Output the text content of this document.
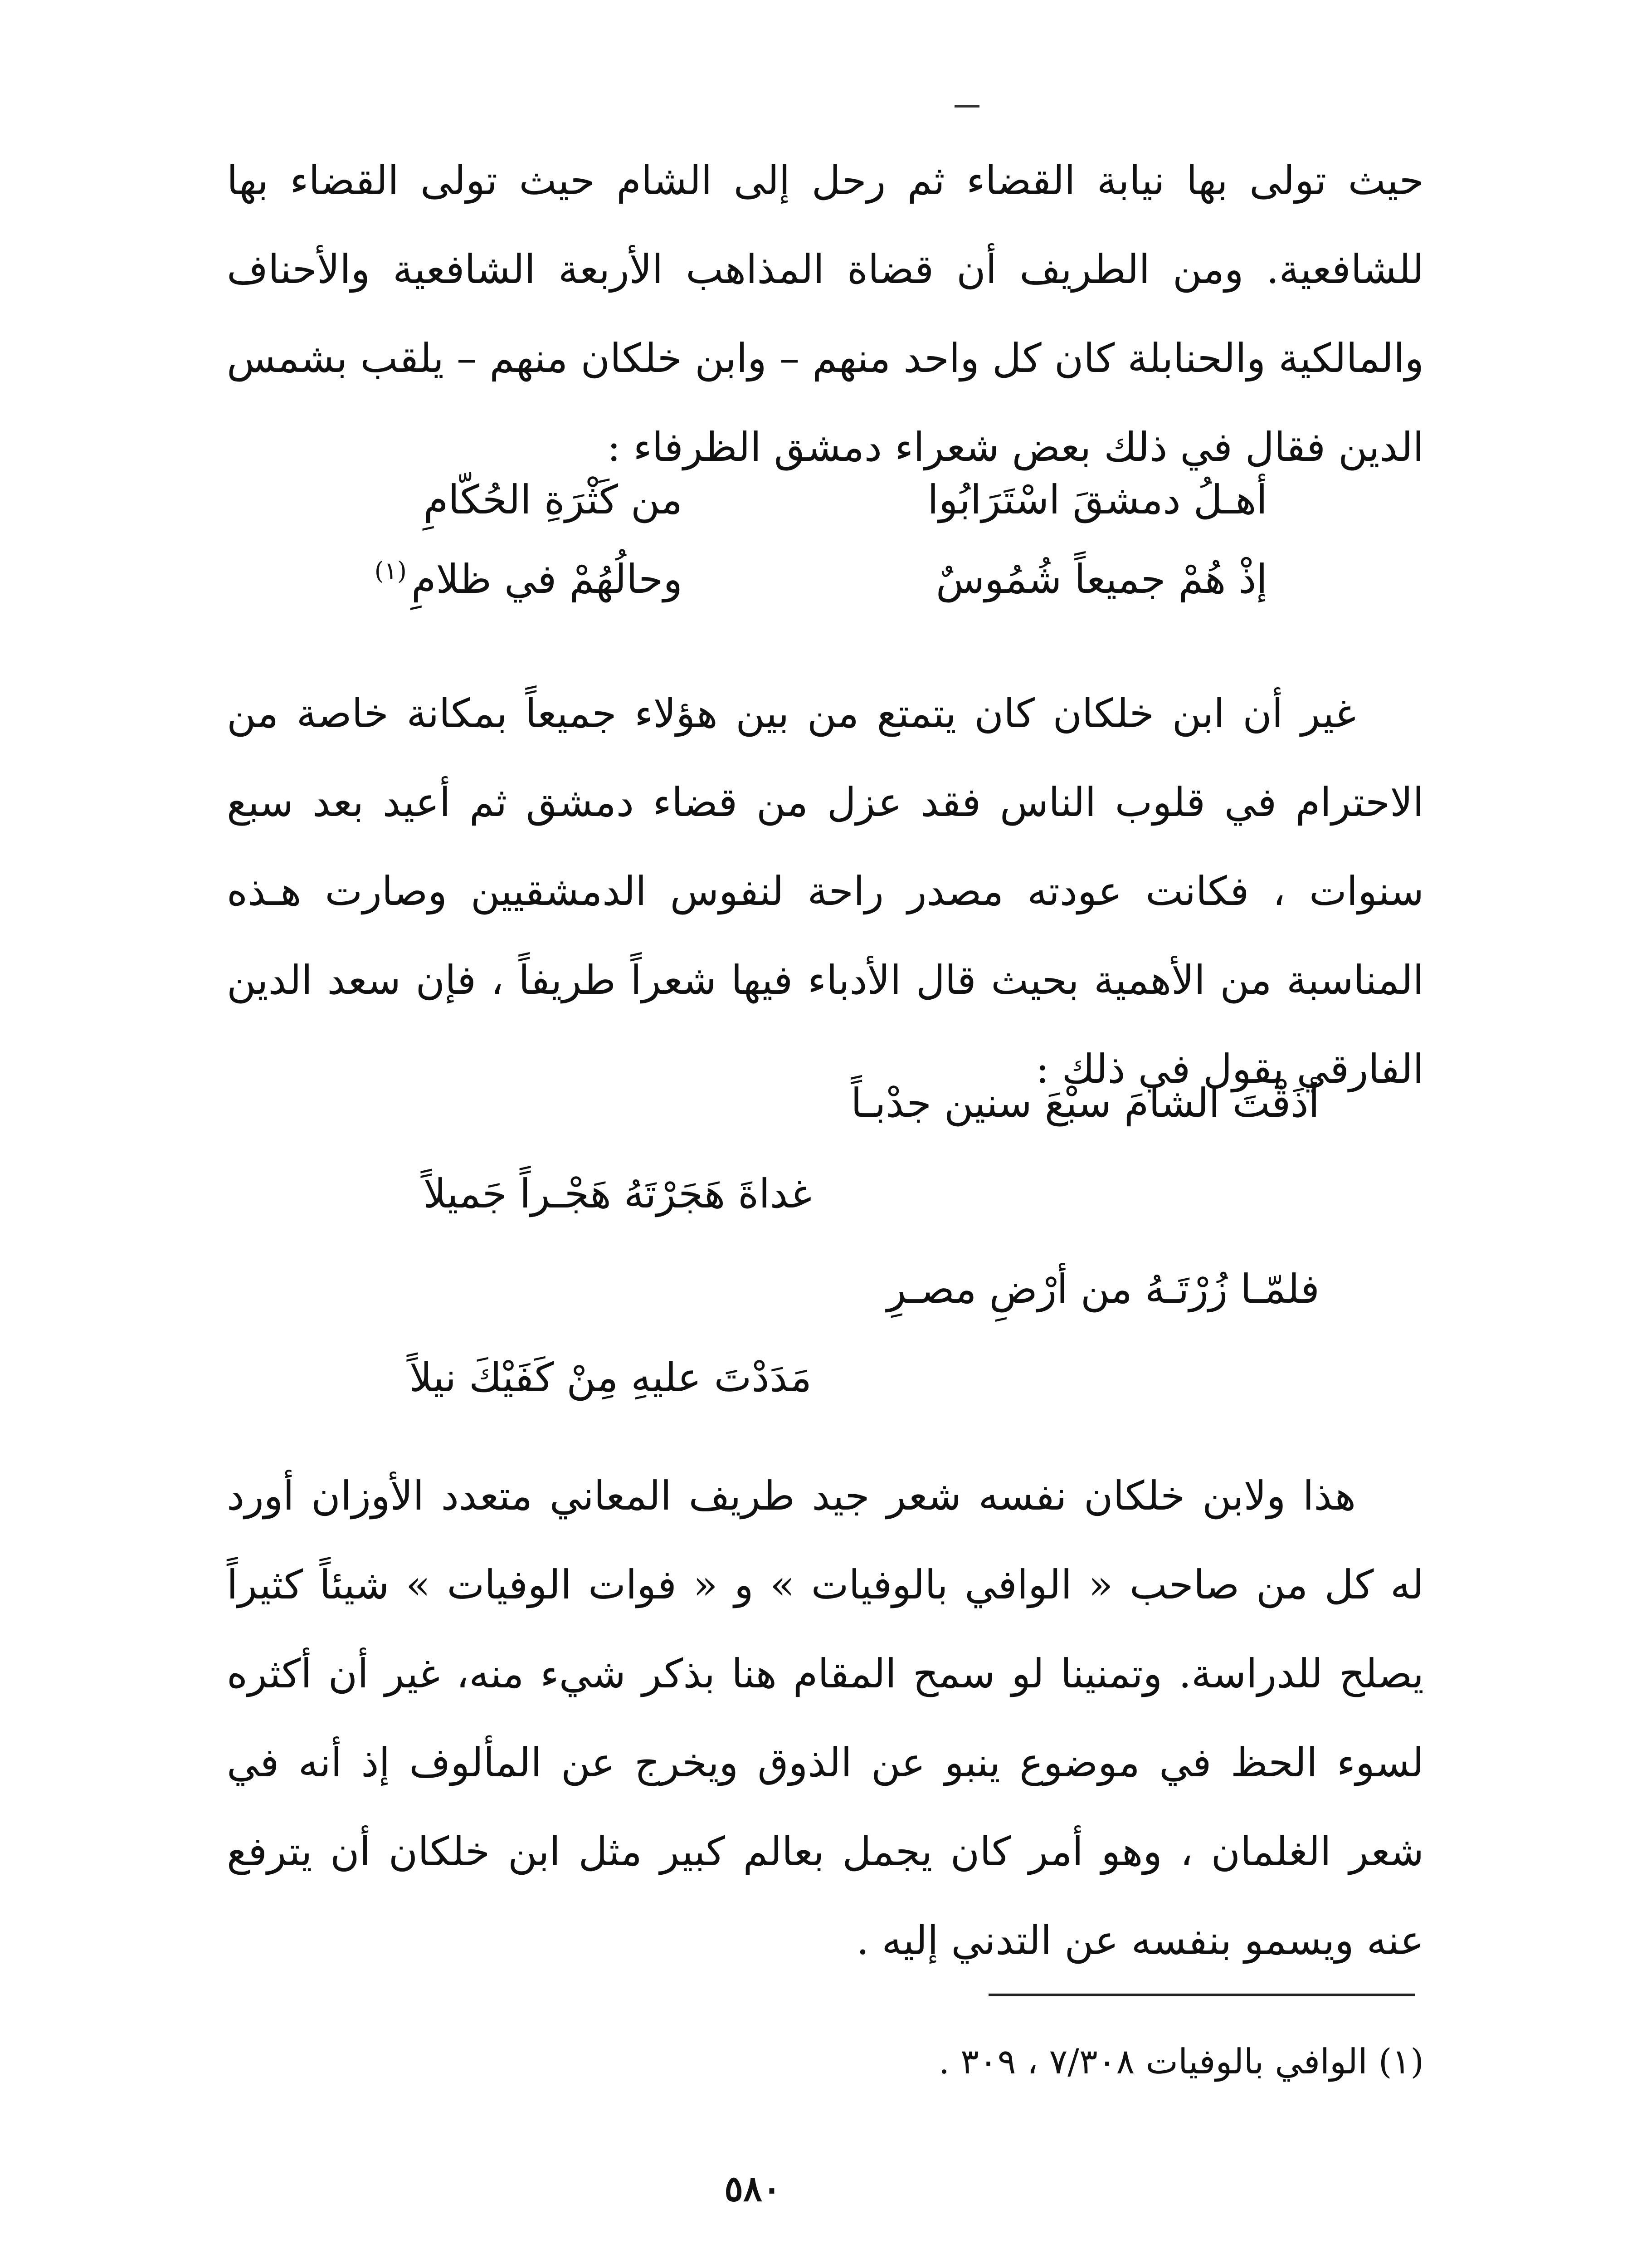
حيث تولى بها نيابة القضاء ثم رحل إلى الشام حيث تولى القضاء بها للشافعية. ومن الطريف أن قضاة المذاهب الأربعة الشافعية والأحناف والمالكية والحنابلة كان كل واحد منهم – وابن خلكان منهم – يلقب بشمس الدين فقال في ذلك بعض شعراء دمشق الظرفاء :

أهـلُ دمشقَ اسْتَرَابُوا
من كَثْرَةِ الحُكّامِ
إذْ هُمْ جميعاً شُمُوسٌ
وحالُهُمْ في ظلامِ$^{(١)}$

غير أن ابن خلكان كان يتمتع من بين هؤلاء جميعاً بمكانة خاصة من الاحترام في قلوب الناس فقد عزل من قضاء دمشق ثم أعيد بعد سبع سنوات ، فكانت عودته مصدر راحة لنفوس الدمشقيين وصارت هـذه المناسبة من الأهمية بحيث قال الأدباء فيها شعراً طريفاً ، فإن سعد الدين الفارقي يقول في ذلك :

أذَقْتَ الشامَ سبْعَ سنين جدْبـاً
غداةَ هَجَرْتَهُ هَجْـراً جَميلاً
فلمّـا زُرْتَـهُ من أرْضِ مصـرِ
مَدَدْتَ عليهِ مِنْ كَفَيْكَ نيلاً

هذا ولابن خلكان نفسه شعر جيد طريف المعاني متعدد الأوزان أورد له كل من صاحب « الوافي بالوفيات » و « فوات الوفيات » شيئاً كثيراً يصلح للدراسة. وتمنينا لو سمح المقام هنا بذكر شيء منه، غير أن أكثره لسوء الحظ في موضوع ينبو عن الذوق ويخرج عن المألوف إذ أنه في شعر الغلمان ، وهو أمر كان يجمل بعالم كبير مثل ابن خلكان أن يترفع عنه ويسمو بنفسه عن التدني إليه .

(١) الوافي بالوفيات ٧/٣٠٨ ، ٣٠٩ .
٥٨٠
